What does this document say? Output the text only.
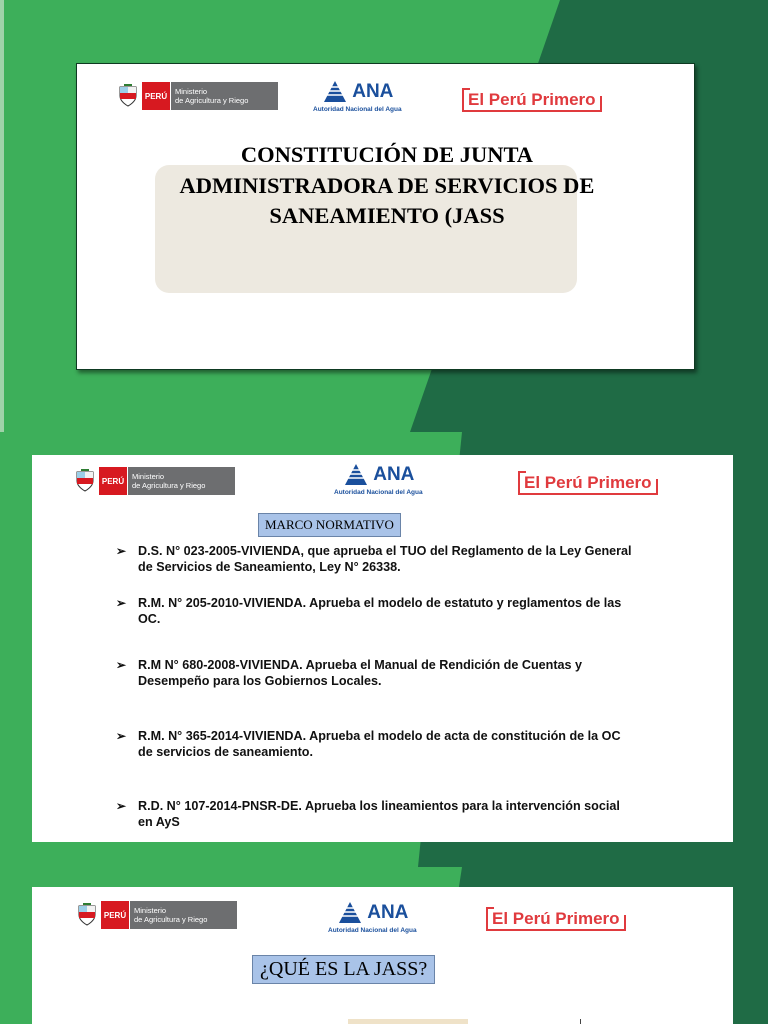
PERÚ	Ministerio
de Agricultura y Riego	ANA
Autoridad Nacional del Agua
El Perú Primero

CONSTITUCIÓN DE JUNTA ADMINISTRADORA DE SERVICIOS DE SANEAMIENTO (JASS

PERÚ	Ministerio
de Agricultura y Riego
ANA
Autoridad Nacional del Agua
El Perú Primero
MARCO NORMATIVO
➢ D.S. N° 023-2005-VIVIENDA, que aprueba el TUO del Reglamento de la Ley General de Servicios de Saneamiento, Ley N° 26338.
➢ R.M. N° 205-2010-VIVIENDA. Aprueba el modelo de estatuto y reglamentos de las OC.
➢ R.M N° 680-2008-VIVIENDA. Aprueba el Manual de Rendición de Cuentas y Desempeño para los Gobiernos Locales.
➢ R.M. N° 365-2014-VIVIENDA. Aprueba el modelo de acta de constitución de la OC de servicios de saneamiento.
➢ R.D. N° 107-2014-PNSR-DE. Aprueba los lineamientos para la intervención social en AyS
PERÚ	Ministerio
de Agricultura y Riego	ANA
Autoridad Nacional del Agua
El Perú Primero
¿QUÉ ES LA JASS?
